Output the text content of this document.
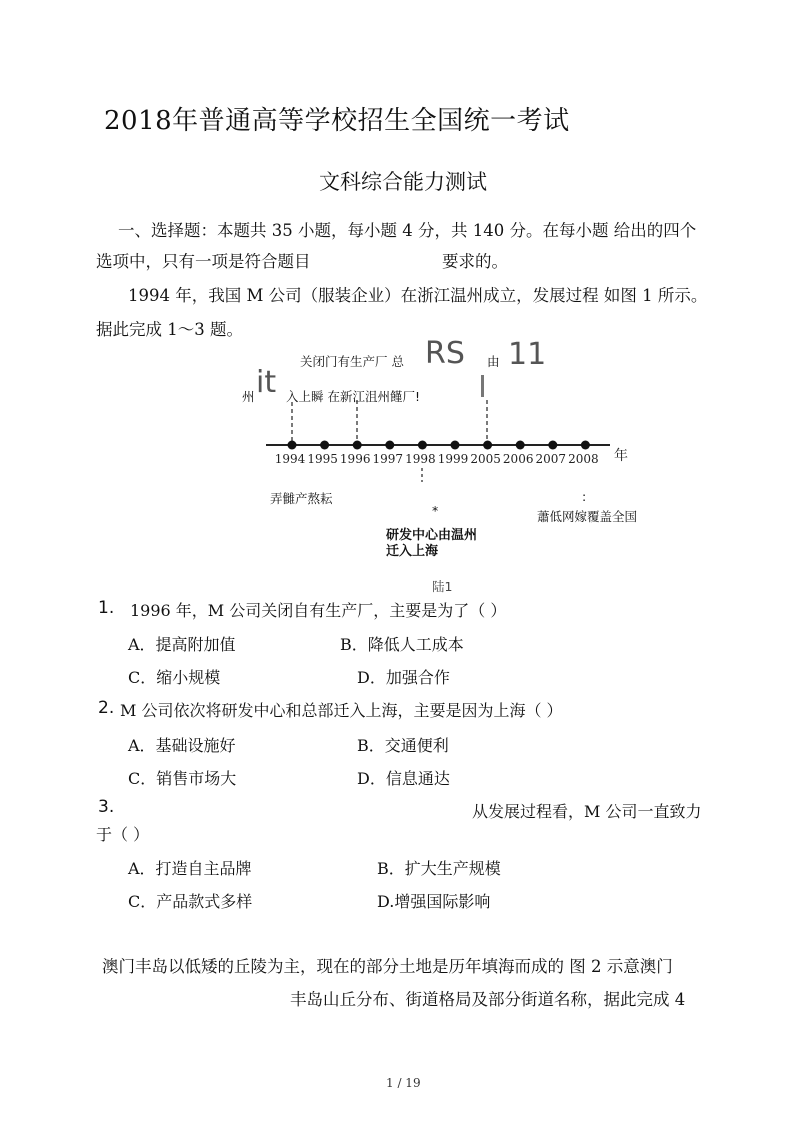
2018年普通高等学校招生全国统一考试
文科综合能力测试
一、选择题：本题共 35 小题，每小题 4 分，共 140 分。在每小题 给出的四个
选项中，只有一项是符合题目	要求的。
1994 年，我国 M 公司（服装企业）在浙江温州成立，发展过程 如图 1 所示。
据此完成 1〜3 题。
关闭门有生产厂 总 RS 由 11
州 it 入上瞬 在新江沮州饉厂!
1994 1995 1996 1997 1998 1999 2005 2006 2007 2008 年
弄雠产熬耘
*
:
蕭低网嫁覆盖全国
研发中心由温州
迁入上海
陆1
1. 1996 年，M 公司关闭自有生产厂，主要是为了（ ）
A．提高附加值	B．降低人工成本
C．缩小规模	D．加强合作
2. M 公司依次将研发中心和总部迁入上海，主要是因为上海（ ）
A．基础设施好	B．交通便利
C．销售市场大	D．信息通达
3.	从发展过程看，M 公司一直致力
于（ ）
A．打造自主品牌	B．扩大生产规模
C．产品款式多样	D.增强国际影响
澳门丰岛以低矮的丘陵为主，现在的部分土地是历年填海而成的 图 2 示意澳门
丰岛山丘分布、街道格局及部分街道名称，据此完成 4
1 / 19
